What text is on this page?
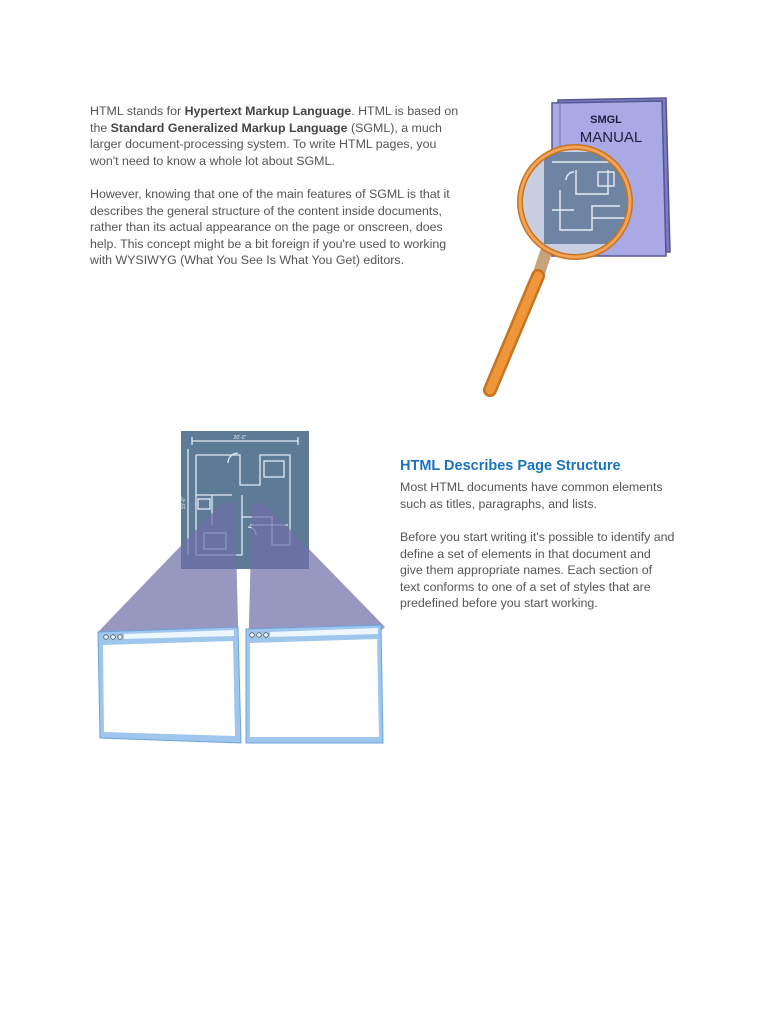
HTML stands for Hypertext Markup Language. HTML is based on the Standard Generalized Markup Language (SGML), a much larger document-processing system. To write HTML pages, you won't need to know a whole lot about SGML.

However, knowing that one of the main features of SGML is that it describes the general structure of the content inside documents, rather than its actual appearance on the page or onscreen, does help. This concept might be a bit foreign if you're used to working with WYSIWYG (What You See Is What You Get) editors.

SMGL
MANUAL
20'-0"
15'-0"
HTML Describes Page Structure

Most HTML documents have common elements such as titles, paragraphs, and lists.

Before you start writing it's possible to identify and define a set of elements in that document and give them appropriate names. Each section of text conforms to one of a set of styles that are predefined before you start working.
